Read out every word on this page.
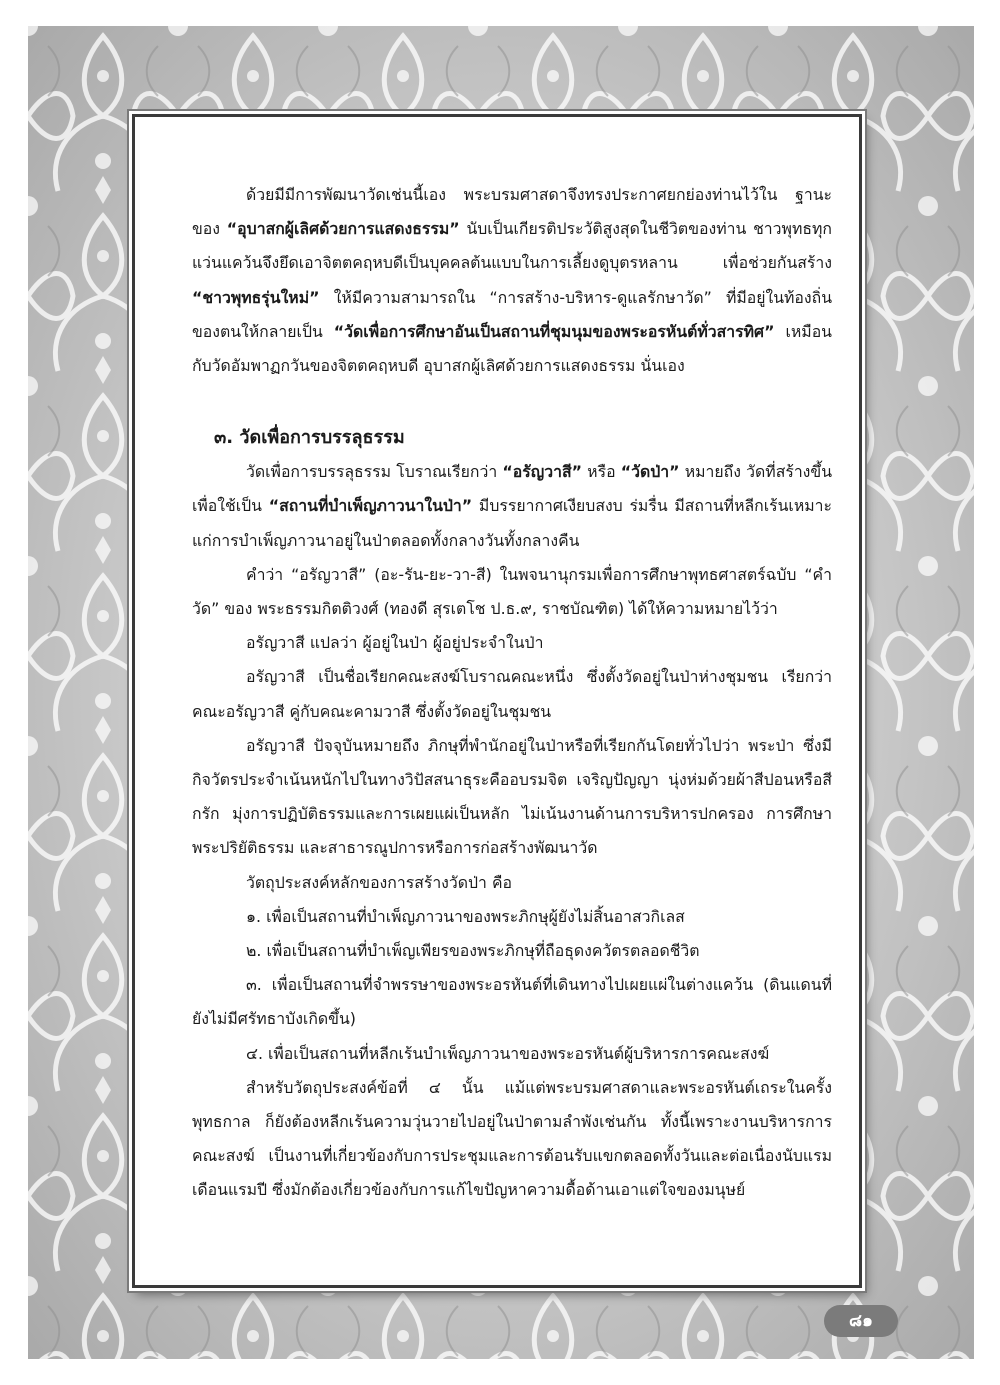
ด้วยมีมีการพัฒนาวัดเช่นนี้เอง พระบรมศาสดาจึงทรงประกาศยกย่องท่านไว้ใน ฐานะของ “อุบาสกผู้เลิศด้วยการแสดงธรรม” นับเป็นเกียรติประวัติสูงสุดในชีวิตของท่าน ชาวพุทธทุกแว่นแคว้นจึงยึดเอาจิตตคฤหบดีเป็นบุคคลต้นแบบในการเลี้ยงดูบุตรหลาน เพื่อช่วยกันสร้าง “ชาวพุทธรุ่นใหม่” ให้มีความสามารถใน “การสร้าง-บริหาร-ดูแลรักษาวัด” ที่มีอยู่ในท้องถิ่นของตนให้กลายเป็น “วัดเพื่อการศึกษาอันเป็นสถานที่ชุมนุมของพระอรหันต์ทั่วสารทิศ” เหมือนกับวัดอัมพาฏกวันของจิตตคฤหบดี อุบาสกผู้เลิศด้วยการแสดงธรรม นั่นเอง

๓. วัดเพื่อการบรรลุธรรม

วัดเพื่อการบรรลุธรรม โบราณเรียกว่า “อรัญวาสี” หรือ “วัดป่า” หมายถึง วัดที่สร้างขึ้นเพื่อใช้เป็น “สถานที่บำเพ็ญภาวนาในป่า” มีบรรยากาศเงียบสงบ ร่มรื่น มีสถานที่หลีกเร้นเหมาะแก่การบำเพ็ญภาวนาอยู่ในป่าตลอดทั้งกลางวันทั้งกลางคืน

คำว่า “อรัญวาสี” (อะ-รัน-ยะ-วา-สี) ในพจนานุกรมเพื่อการศึกษาพุทธศาสตร์ฉบับ “คำวัด” ของ พระธรรมกิตติวงศ์ (ทองดี สุรเตโช ป.ธ.๙, ราชบัณฑิต) ได้ให้ความหมายไว้ว่า

อรัญวาสี แปลว่า ผู้อยู่ในป่า ผู้อยู่ประจำในป่า

อรัญวาสี เป็นชื่อเรียกคณะสงฆ์โบราณคณะหนึ่ง ซึ่งตั้งวัดอยู่ในป่าห่างชุมชน เรียกว่า คณะอรัญวาสี คู่กับคณะคามวาสี ซึ่งตั้งวัดอยู่ในชุมชน

อรัญวาสี ปัจจุบันหมายถึง ภิกษุที่พำนักอยู่ในป่าหรือที่เรียกกันโดยทั่วไปว่า พระป่า ซึ่งมีกิจวัตรประจำเน้นหนักไปในทางวิปัสสนาธุระคืออบรมจิต เจริญปัญญา นุ่งห่มด้วยผ้าสีปอนหรือสีกรัก มุ่งการปฏิบัติธรรมและการเผยแผ่เป็นหลัก ไม่เน้นงานด้านการบริหารปกครอง การศึกษาพระปริยัติธรรม และสาธารณูปการหรือการก่อสร้างพัฒนาวัด

วัตถุประสงค์หลักของการสร้างวัดป่า คือ

๑. เพื่อเป็นสถานที่บำเพ็ญภาวนาของพระภิกษุผู้ยังไม่สิ้นอาสวกิเลส

๒. เพื่อเป็นสถานที่บำเพ็ญเพียรของพระภิกษุที่ถือธุดงควัตรตลอดชีวิต

๓. เพื่อเป็นสถานที่จำพรรษาของพระอรหันต์ที่เดินทางไปเผยแผ่ในต่างแคว้น (ดินแดนที่ยังไม่มีศรัทธาบังเกิดขึ้น)

๔. เพื่อเป็นสถานที่หลีกเร้นบำเพ็ญภาวนาของพระอรหันต์ผู้บริหารการคณะสงฆ์

สำหรับวัตถุประสงค์ข้อที่ ๔ นั้น แม้แต่พระบรมศาสดาและพระอรหันต์เถระในครั้งพุทธกาล ก็ยังต้องหลีกเร้นความวุ่นวายไปอยู่ในป่าตามลำพังเช่นกัน ทั้งนี้เพราะงานบริหารการคณะสงฆ์ เป็นงานที่เกี่ยวข้องกับการประชุมและการต้อนรับแขกตลอดทั้งวันและต่อเนื่องนับแรมเดือนแรมปี ซึ่งมักต้องเกี่ยวข้องกับการแก้ไขปัญหาความดื้อด้านเอาแต่ใจของมนุษย์

๘๑
